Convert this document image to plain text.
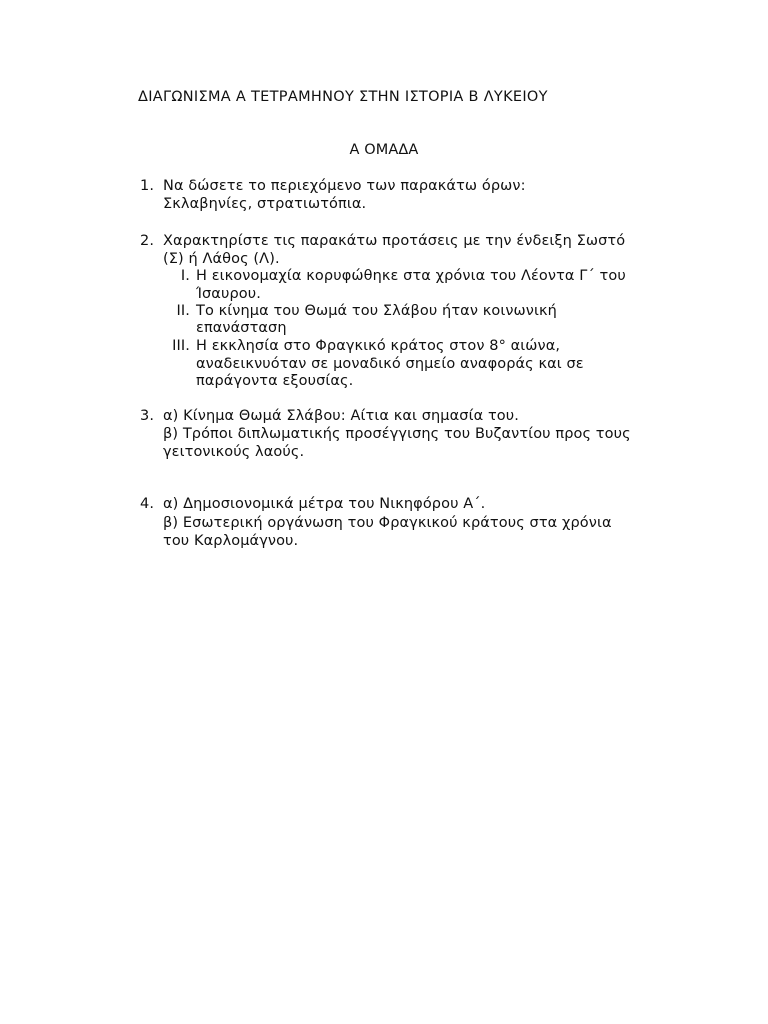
ΔΙΑΓΩΝΙΣΜΑ Α ΤΕΤΡΑΜΗΝΟΥ ΣΤΗΝ ΙΣΤΟΡΙΑ Β ΛΥΚΕΙΟΥ
Α ΟΜΑΔΑ
1. Να δώσετε το περιεχόμενο των παρακάτω όρων:
Σκλαβηνίες, στρατιωτόπια.
2. Χαρακτηρίστε τις παρακάτω προτάσεις με την ένδειξη Σωστό
(Σ) ή Λάθος (Λ).
I. Η εικονομαχία κορυφώθηκε στα χρόνια του Λέοντα Γ΄ του
Ίσαυρου.
II. Το κίνημα του Θωμά του Σλάβου ήταν κοινωνική
επανάσταση
III. Η εκκλησία στο Φραγκικό κράτος στον 8° αιώνα,
αναδεικνυόταν σε μοναδικό σημείο αναφοράς και σε
παράγοντα εξουσίας.
3. α) Κίνημα Θωμά Σλάβου: Αίτια και σημασία του.
β) Τρόποι διπλωματικής προσέγγισης του Βυζαντίου προς τους
γειτονικούς λαούς.
4. α) Δημοσιονομικά μέτρα του Νικηφόρου Α΄.
β) Εσωτερική οργάνωση του Φραγκικού κράτους στα χρόνια
του Καρλομάγνου.
